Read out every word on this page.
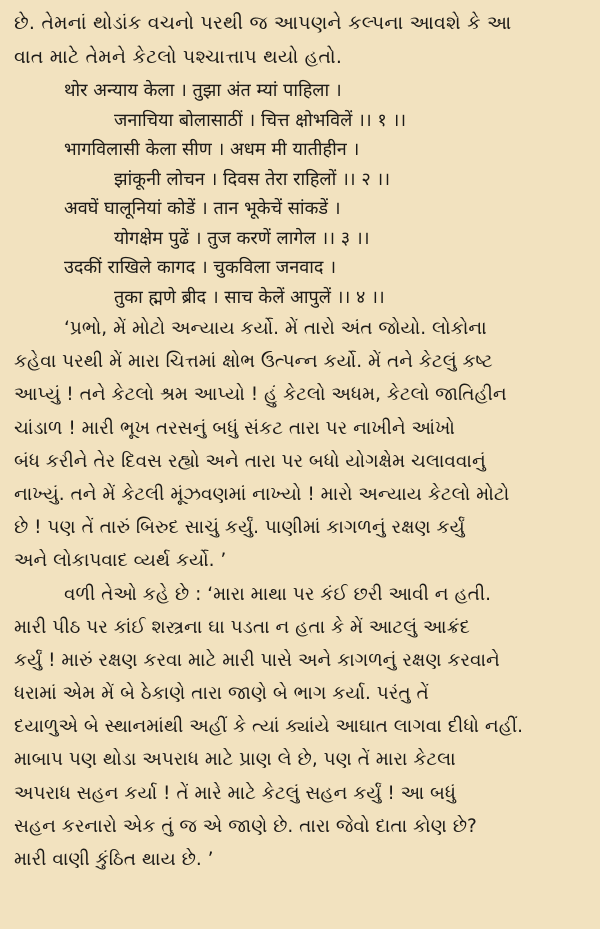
છે. તેમનાં થોડાંક વચનો પરથી જ આપણને કલ્પના આવશે કે આ
વાત માટે તેમને કેટલો પશ્ચાત્તાપ થયો હતો.
थोर अन्याय केला । तुझा अंत म्यां पाहिला ।
जनाचिया बोलासाठीं । चित्त क्षोभविलें ।। १ ।।
भागविलासी केला सीण । अधम मी यातीहीन ।
झांकूनी लोचन । दिवस तेरा राहिलों ।। २ ।।
अवघें घालूनियां कोडें । तान भूकेचें सांकडें ।
योगक्षेम पुढें । तुज करणें लागेल ।। ३ ।।
उदकीं राखिले कागद । चुकविला जनवाद ।
तुका ह्मणे ब्रीद । साच केलें आपुलें ।। ४ ।।
‘પ્રભો, મેં મોટો અન્યાય કર્યો. મેં તારો અંત જોયો. લોકોના
કહેવા પરથી મેં મારા ચિત્તમાં ક્ષોભ ઉત્પન્ન કર્યો. મેં તને કેટલું કષ્ટ
આપ્યું ! તને કેટલો શ્રમ આપ્યો ! હું કેટલો અધમ, કેટલો જાતિહીન
ચાંડાળ ! મારી ભૂખ તરસનું બધું સંકટ તારા પર નાખીને આંખો
બંધ કરીને તેર દિવસ રહ્યો અને તારા પર બધો યોગક્ષેમ ચલાવવાનું
નાખ્યું. તને મેં કેટલી મૂંઝવણમાં નાખ્યો ! મારો અન્યાય કેટલો મોટો
છે ! પણ તેં તારું બિરુદ સાચું કર્યું. પાણીમાં કાગળનું રક્ષણ કર્યું
અને લોકાપવાદ વ્યર્થ કર્યો. ’
વળી તેઓ કહે છે : ‘મારા માથા પર કંઈ છરી આવી ન હતી.
મારી પીઠ પર કાંઈ શસ્ત્રના ઘા પડતા ન હતા કે મેં આટલું આક્રંદ
કર્યું ! મારું રક્ષણ કરવા માટે મારી પાસે અને કાગળનું રક્ષણ કરવાને
ધરામાં એમ મેં બે ઠેકાણે તારા જાણે બે ભાગ કર્યા. પરંતુ તેં
દયાળુએ બે સ્થાનમાંથી અહીં કે ત્યાં ક્યાંયે આઘાત લાગવા દીધો નહીં.
માબાપ પણ થોડા અપરાધ માટે પ્રાણ લે છે, પણ તેં મારા કેટલા
અપરાધ સહન કર્યા ! તેં મારે માટે કેટલું સહન કર્યું ! આ બધું
સહન કરનારો એક તું જ એ જાણે છે. તારા જેવો દાતા કોણ છે?
મારી વાણી કુંઠિત થાય છે. ’
